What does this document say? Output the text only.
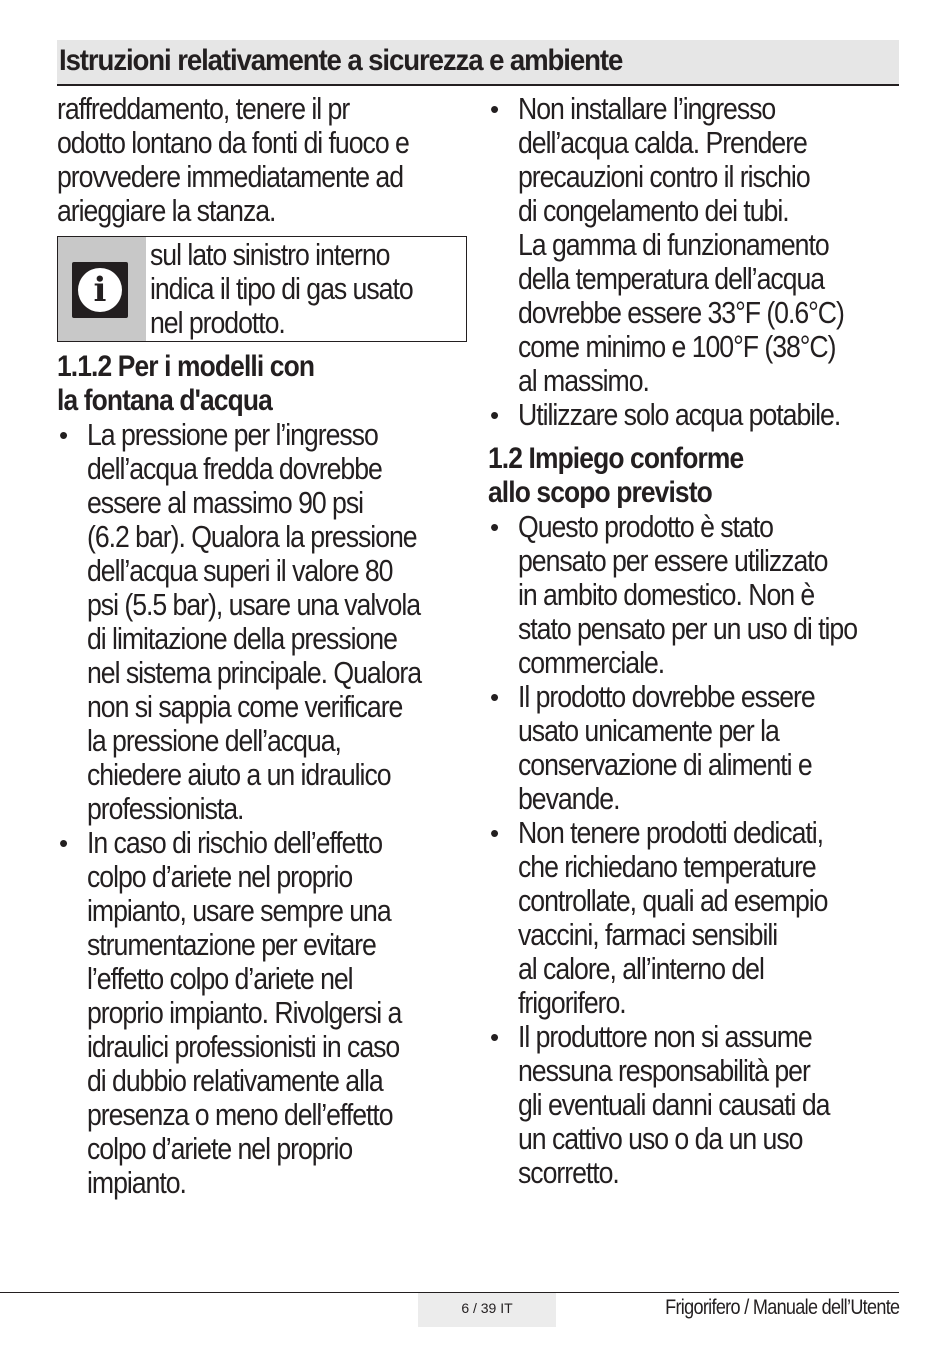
Istruzioni relativamente a sicurezza e ambiente
raffreddamento, tenere il pr
odotto lontano da fonti di fuoco e
provvedere immediatamente ad
arieggiare la stanza.
i
sul lato sinistro interno
indica il tipo di gas usato
nel prodotto.
1.1.2 Per i modelli con
la fontana d'acqua
• La pressione per l’ingresso
dell’acqua fredda dovrebbe
essere al massimo 90 psi
(6.2 bar). Qualora la pressione
dell’acqua superi il valore 80
psi (5.5 bar), usare una valvola
di limitazione della pressione
nel sistema principale. Qualora
non si sappia come verificare
la pressione dell’acqua,
chiedere aiuto a un idraulico
professionista.
• In caso di rischio dell’effetto
colpo d’ariete nel proprio
impianto, usare sempre una
strumentazione per evitare
l’effetto colpo d’ariete nel
proprio impianto. Rivolgersi a
idraulici professionisti in caso
di dubbio relativamente alla
presenza o meno dell’effetto
colpo d’ariete nel proprio
impianto.
• Non installare l’ingresso
dell’acqua calda. Prendere
precauzioni contro il rischio
di congelamento dei tubi.
La gamma di funzionamento
della temperatura dell’acqua
dovrebbe essere 33°F (0.6°C)
come minimo e 100°F (38°C)
al massimo.
• Utilizzare solo acqua potabile.
1.2 Impiego conforme
allo scopo previsto
• Questo prodotto è stato
pensato per essere utilizzato
in ambito domestico. Non è
stato pensato per un uso di tipo
commerciale.
• Il prodotto dovrebbe essere
usato unicamente per la
conservazione di alimenti e
bevande.
• Non tenere prodotti dedicati,
che richiedano temperature
controllate, quali ad esempio
vaccini, farmaci sensibili
al calore, all’interno del
frigorifero.
• Il produttore non si assume
nessuna responsabilità per
gli eventuali danni causati da
un cattivo uso o da un uso
scorretto.
6 / 39 IT	Frigorifero / Manuale dell’Utente
